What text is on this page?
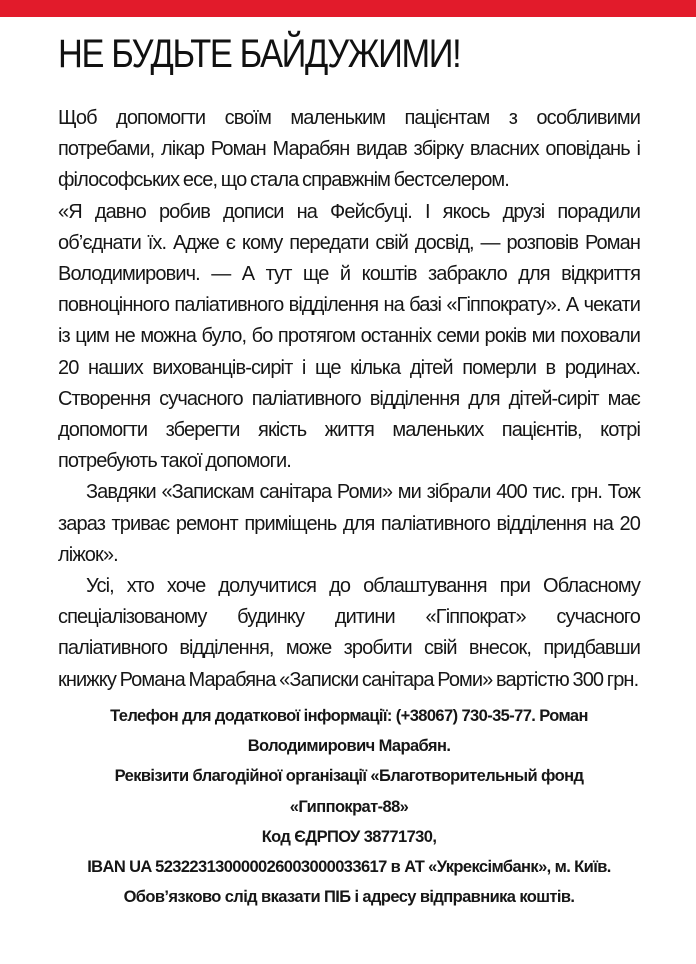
НЕ БУДЬТЕ БАЙДУЖИМИ!

Щоб допомогти своїм маленьким пацієнтам з особливими потребами, лікар Роман Марабян видав збірку власних оповідань і філософських есе, що стала справжнім бестселером.

«Я давно робив дописи на Фейсбуці. І якось друзі порадили об’єднати їх. Адже є кому передати свій досвід, — розповів Роман Володимирович. — А тут ще й коштів забракло для відкриття повноцінного паліативного відділення на базі «Гіппократу». А чекати із цим не можна було, бо протягом останніх семи років ми поховали 20 наших вихованців-сиріт і ще кілька дітей померли в родинах. Створення сучасного паліативного відділення для дітей-сиріт має допомогти зберегти якість життя маленьких пацієнтів, котрі потребують такої допомоги.

Завдяки «Запискам санітара Роми» ми зібрали 400 тис. грн. Тож зараз триває ремонт приміщень для паліативного відділення на 20 ліжок».

Усі, хто хоче долучитися до облаштування при Обласному спеціалізованому будинку дитини «Гіппократ» сучасного паліативного відділення, може зробити свій внесок, придбавши книжку Романа Марабяна «Записки санітара Роми» вартістю 300 грн.

Телефон для додаткової інформації: (+38067) 730-35-77. Роман Володимирович Марабян.

Реквізити благодійної організації «Благотворительный фонд «Гиппократ-88»

Код ЄДРПОУ 38771730,

IBAN UA 523223130000026003000033617 в АТ «Укрексімбанк», м. Київ.

Обов’язково слід вказати ПІБ і адресу відправника коштів.
